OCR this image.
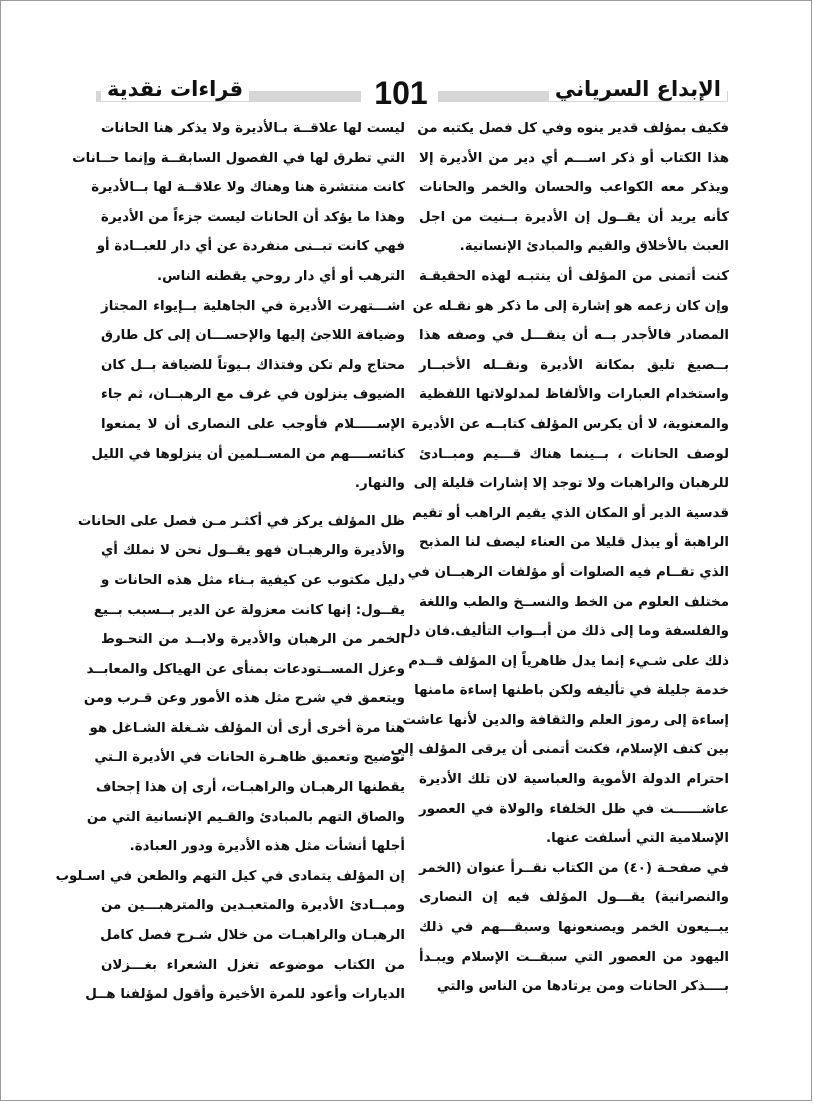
قراءات نقدية	101	الإبداع السرياني
فكيف بمؤلف قدير ينوه وفي كل فصل يكتبه من
هذا الكتاب أو ذكر اســـم أي دير من الأديرة إلا
ويذكر معه الكواعب والحسان والخمر والحانات
كأنه يريد أن يقــول إن الأديرة بــنيت من اجل
العبث بالأخلاق والقيم والمبادئ الإنسانية.
كنت أتمنى من المؤلف أن ينتبـه لهذه الحقيقـة
وإن كان زعمه هو إشارة إلى ما ذكر هو نقـله عن
المصادر فالأجدر بــه أن ينقـــل في وصفه هذا
بــصيغ تليق بمكانة الأديرة ونقــله الأخبــار
واستخدام العبارات والألفاظ لمدلولاتها اللفظية
والمعنوية، لا أن يكرس المؤلف كتابــه عن الأديرة
لوصف الحانات ، بــينما هناك قـــيم ومبــادئ
للرهبان والراهبات ولا توجد إلا إشارات قليلة إلى
قدسية الدير أو المكان الذي يقيم الراهب أو تقيم
الراهبة أو يبذل قليلا من العناء ليصف لنا المذبح
الذي تقــام فيه الصلوات أو مؤلفات الرهبــان في
مختلف العلوم من الخط والنســخ والطب واللغة
والفلسفة وما إلى ذلك من أبــواب التأليف.فان دل
ذلك على شـيء إنما يدل ظاهرياً إن المؤلف قــدم
خدمة جليلة في تأليفه ولكن باطنها إساءة مامنها
إساءة إلى رموز العلم والثقافة والدين لأنها عاشت
بين كنف الإسلام، فكنت أتمنى أن يرقى المؤلف إلى
احترام الدولة الأموية والعباسية لان تلك الأديرة
عاشــــــت في ظل الخلفاء والولاة في العصور
الإسلامية التي أسلفت عنها.
في صفحـة (٤٠) من الكتاب نقــرأ عنوان (الخمر
والنصرانية) يقـــول المؤلف فيه إن النصارى
يبــيعون الخمر ويصنعونها وسبقـــهم في ذلك
اليهود من العصور التي سبقــت الإسلام ويبـدأ
بــــذكر الحانات ومن يرتادها من الناس والتي
ليست لها علاقــة بـالأديرة ولا يذكر هنا الحانات
التي تطرق لها في الفصول السابقــة وإنما حــانات
كانت منتشرة هنا وهناك ولا علاقــة لها بــالأديرة
وهذا ما يؤكد أن الحانات ليست جزءاً من الأديرة
فهي كانت تبــنى منفردة عن أي دار للعبــادة أو
الترهب أو أي دار روحي يقطنه الناس.
اشـــتهرت الأديرة في الجاهلية بــإيواء المجتاز
وضيافة اللاجئ إليها والإحســـان إلى كل طارق
محتاج ولم تكن وفتذاك بـيوتاً للضيافة بــل كان
الضيوف ينزلون في غرف مع الرهبــان، ثم جاء
الإســـــلام فأوجب على النصارى أن لا يمنعوا
كنائســــهم من المســلمين أن ينزلوها في الليل
والنهار.
ظل المؤلف يركز في أكثـر مـن فصل على الحانات
والأديرة والرهبـان فهو يقــول نحن لا نملك أي
دليل مكتوب عن كيفية بـناء مثل هذه الحانات و
يقــول: إنها كانت معزولة عن الدير بــسبب بــيع
الخمر من الرهبان والأديرة ولابــد من التحـوط
وعزل المســتودعات بمنأى عن الهياكل والمعابــد
ويتعمق في شرح مثل هذه الأمور وعن قـرب ومن
هنا مرة أخرى أرى أن المؤلف شـغلة الشـاغل هو
توضيح وتعميق ظاهـرة الحانات في الأديرة الـتي
يقطنها الرهبـان والراهبـات، أرى إن هذا إجحاف
والصاق التهم بالمبادئ والقـيم الإنسانية التي من
أجلها أنشأت مثل هذه الأديرة ودور العبادة.
إن المؤلف يتمادى في كيل التهم والطعن في اسـلوب
ومبــادئ الأديرة والمتعبـدين والمترهبـــين من
الرهبـان والراهبـات من خلال شـرح فصل كامل
من الكتاب موضوعه تغزل الشعراء بغـــزلان
الديارات وأعود للمرة الأخيرة وأقول لمؤلفنا هــل
